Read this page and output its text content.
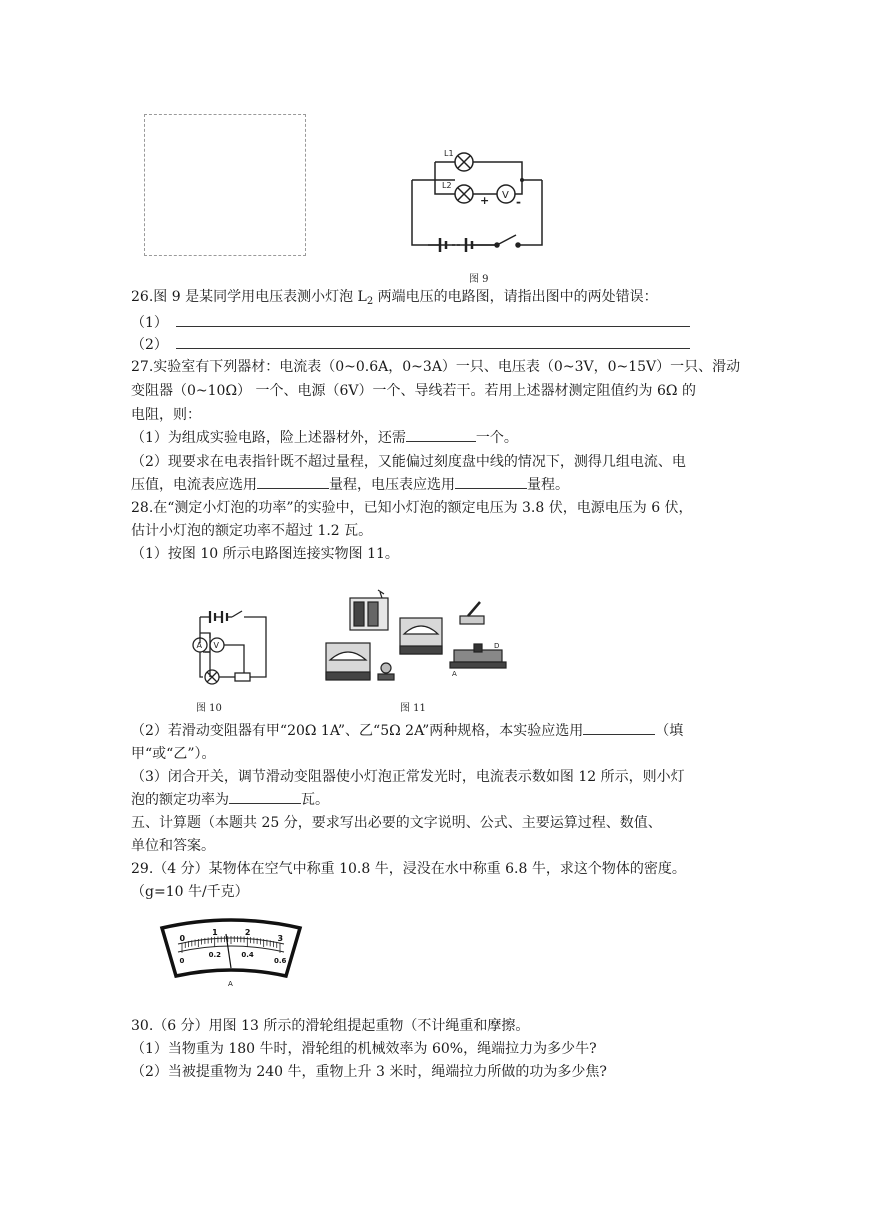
L1
L2
V
+ -
图 9
26.图 9 是某同学用电压表测小灯泡 $L_2$ 两端电压的电路图，请指出图中的两处错误：
（1）
（2）
27.实验室有下列器材：电流表（0~0.6A，0~3A）一只、电压表（0~3V，0~15V）一只、滑动
变阻器（0~10Ω） 一个、电源（6V）一个、导线若干。若用上述器材测定阻值约为 6Ω 的
电阻，则：
（1）为组成实验电路，险上述器材外，还需	一个。
（2）现要求在电表指针既不超过量程，又能偏过刻度盘中线的情况下，测得几组电流、电
压值，电流表应选用	量程，电压表应选用	量程。
28.在“测定小灯泡的功率”的实验中，已知小灯泡的额定电压为 3.8 伏，电源电压为 6 伏，
估计小灯泡的额定功率不超过 1.2 瓦。
（1）按图 10 所示电路图连接实物图 11。
A V
图 10
D
A
图 11
（2）若滑动变阻器有甲“20Ω 1A”、乙“5Ω 2A”两种规格，本实验应选用	（填
甲“或“乙”）。
（3）闭合开关，调节滑动变阻器使小灯泡正常发光时，电流表示数如图 12 所示，则小灯
泡的额定功率为	瓦。
五、计算题（本题共 25 分，要求写出必要的文字说明、公式、主要运算过程、数值、
单位和答案。
29.（4 分）某物体在空气中称重 10.8 牛，浸没在水中称重 6.8 牛，求这个物体的密度。
（g=10 牛/千克）
0
1	2
3
0
0.2	0.4
0.6
A
30.（6 分）用图 13 所示的滑轮组提起重物（不计绳重和摩擦。
（1）当物重为 180 牛时，滑轮组的机械效率为 60%，绳端拉力为多少牛?
（2）当被提重物为 240 牛，重物上升 3 米时，绳端拉力所做的功为多少焦?
